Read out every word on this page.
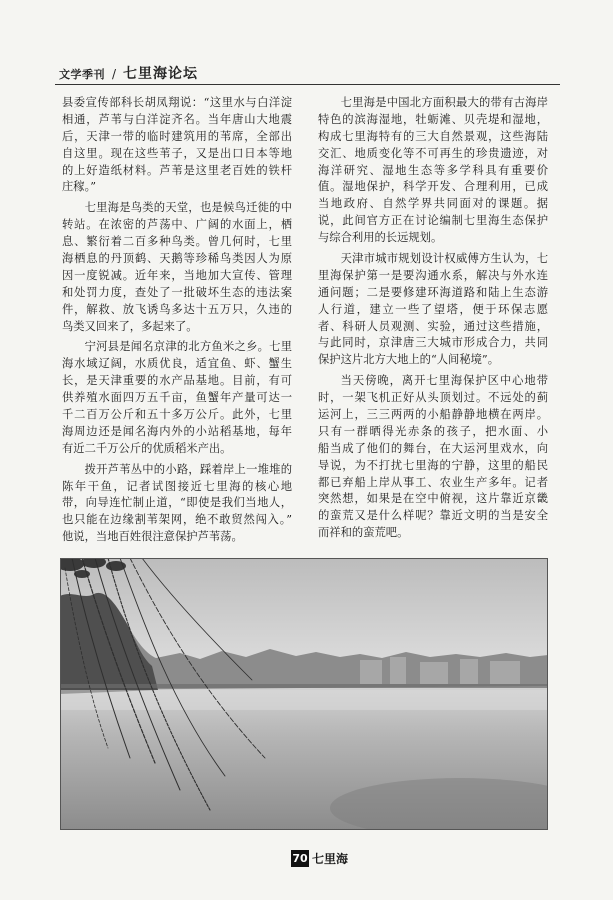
文学季刊 / 七里海论坛
县委宣传部科长胡凤翔说：“这里水与白洋淀
相通，芦苇与白洋淀齐名。当年唐山大地震
后，天津一带的临时建筑用的苇席，全部出
自这里。现在这些苇子，又是出口日本等地
的上好造纸材料。芦苇是这里老百姓的铁杆
庄稼。”
七里海是鸟类的天堂，也是候鸟迁徙的中
转站。在浓密的芦荡中、广阔的水面上，栖
息、繁衍着二百多种鸟类。曾几何时，七里
海栖息的丹顶鹤、天鹅等珍稀鸟类因人为原
因一度锐减。近年来，当地加大宣传、管理
和处罚力度，查处了一批破坏生态的违法案
件，解救、放飞诱鸟多达十五万只，久违的
鸟类又回来了，多起来了。
宁河县是闻名京津的北方鱼米之乡。七里
海水域辽阔，水质优良，适宜鱼、虾、蟹生
长，是天津重要的水产品基地。目前，有可
供养殖水面四万五千亩，鱼蟹年产量可达一
千二百万公斤和五十多万公斤。此外，七里
海周边还是闻名海内外的小站稻基地，每年
有近二千万公斤的优质稻米产出。
拨开芦苇丛中的小路，踩着岸上一堆堆的
陈年干鱼，记者试图接近七里海的核心地
带，向导连忙制止道，“即使是我们当地人，
也只能在边缘割苇架网，绝不敢贸然闯入。”
他说，当地百姓很注意保护芦苇荡。
七里海是中国北方面积最大的带有古海岸
特色的滨海湿地，牡蛎滩、贝壳堤和湿地，
构成七里海特有的三大自然景观，这些海陆
交汇、地质变化等不可再生的珍贵遗迹，对
海洋研究、湿地生态等多学科具有重要价
值。湿地保护，科学开发、合理利用，已成
当地政府、自然学界共同面对的课题。据
说，此间官方正在讨论编制七里海生态保护
与综合利用的长远规划。
天津市城市规划设计权威傅方生认为，七
里海保护第一是要沟通水系，解决与外水连
通问题；二是要修建环海道路和陆上生态游
人行道，建立一些了望塔，便于环保志愿
者、科研人员观测、实验，通过这些措施，
与此同时，京津唐三大城市形成合力，共同
保护这片北方大地上的“人间秘境”。
当天傍晚，离开七里海保护区中心地带
时，一架飞机正好从头顶划过。不远处的蓟
运河上，三三两两的小船静静地横在两岸。
只有一群晒得光赤条的孩子，把水面、小
船当成了他们的舞台，在大运河里戏水，向
导说，为不打扰七里海的宁静，这里的船民
都已弃船上岸从事工、农业生产多年。记者
突然想，如果是在空中俯视，这片靠近京畿
的蛮荒又是什么样呢？靠近文明的当是安全
而祥和的蛮荒吧。
70 七里海
